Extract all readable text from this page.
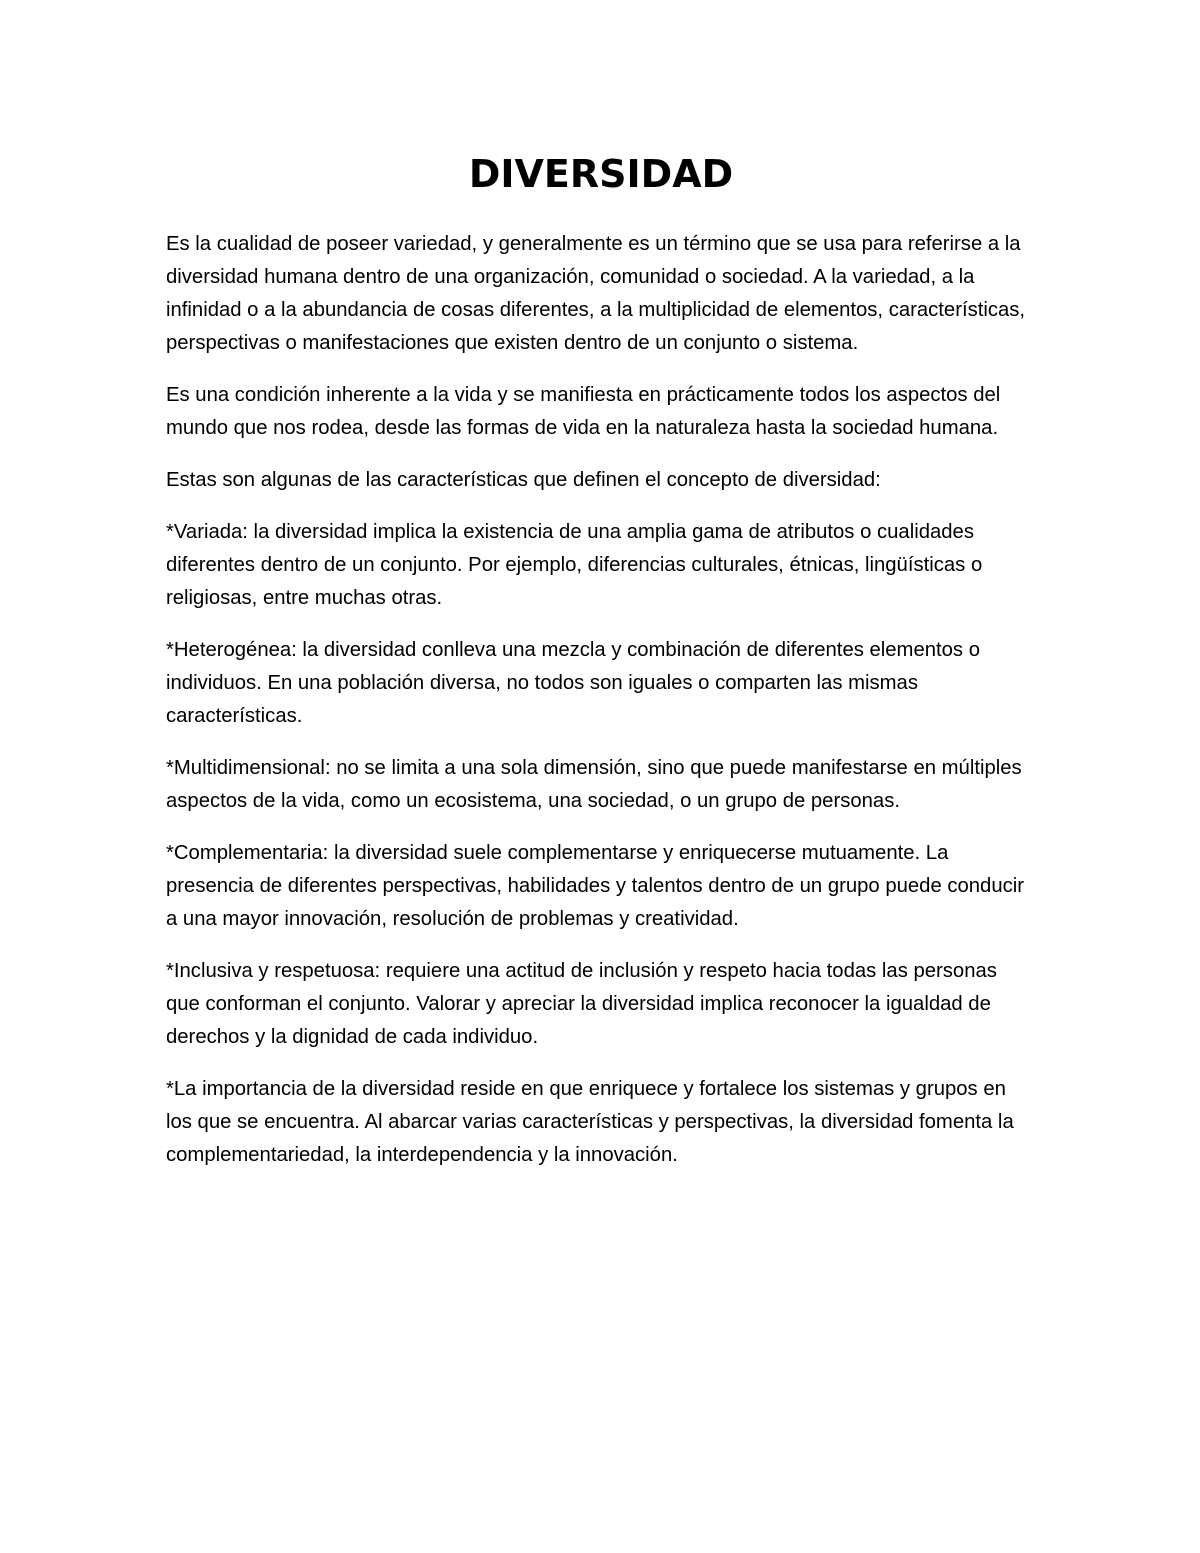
DIVERSIDAD

Es la cualidad de poseer variedad, y generalmente es un término que se usa para referirse a la diversidad humana dentro de una organización, comunidad o sociedad. A la variedad, a la infinidad o a la abundancia de cosas diferentes, a la multiplicidad de elementos, características, perspectivas o manifestaciones que existen dentro de un conjunto o sistema.

Es una condición inherente a la vida y se manifiesta en prácticamente todos los aspectos del mundo que nos rodea, desde las formas de vida en la naturaleza hasta la sociedad humana.

Estas son algunas de las características que definen el concepto de diversidad:

*Variada: la diversidad implica la existencia de una amplia gama de atributos o cualidades diferentes dentro de un conjunto. Por ejemplo, diferencias culturales, étnicas, lingüísticas o religiosas, entre muchas otras.

*Heterogénea: la diversidad conlleva una mezcla y combinación de diferentes elementos o individuos. En una población diversa, no todos son iguales o comparten las mismas características.

*Multidimensional: no se limita a una sola dimensión, sino que puede manifestarse en múltiples aspectos de la vida, como un ecosistema, una sociedad, o un grupo de personas.

*Complementaria: la diversidad suele complementarse y enriquecerse mutuamente. La presencia de diferentes perspectivas, habilidades y talentos dentro de un grupo puede conducir a una mayor innovación, resolución de problemas y creatividad.

*Inclusiva y respetuosa: requiere una actitud de inclusión y respeto hacia todas las personas que conforman el conjunto. Valorar y apreciar la diversidad implica reconocer la igualdad de derechos y la dignidad de cada individuo.

*La importancia de la diversidad reside en que enriquece y fortalece los sistemas y grupos en los que se encuentra. Al abarcar varias características y perspectivas, la diversidad fomenta la complementariedad, la interdependencia y la innovación.
